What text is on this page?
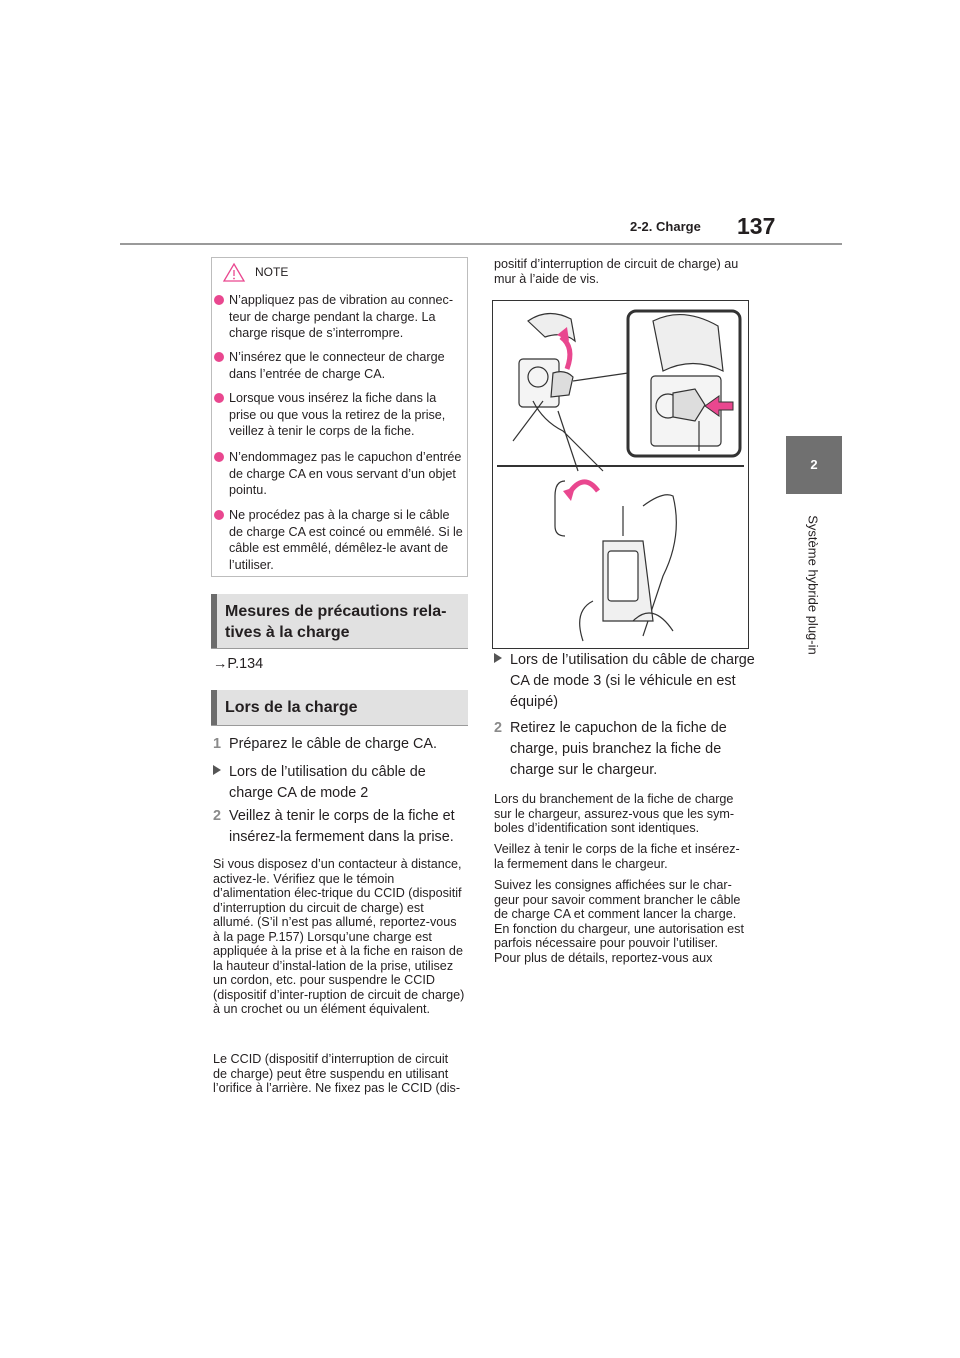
2-2. Charge 137
2
Système hybride plug-in
NOTE
N’appliquez pas de vibration au connec-teur de charge pendant la charge. La charge risque de s’interrompre.
N’insérez que le connecteur de charge dans l’entrée de charge CA.
Lorsque vous insérez la fiche dans la prise ou que vous la retirez de la prise, veillez à tenir le corps de la fiche.
N’endommagez pas le capuchon d’entrée de charge CA en vous servant d’un objet pointu.
Ne procédez pas à la charge si le câble de charge CA est coincé ou emmêlé. Si le câble est emmêlé, démêlez-le avant de l’utiliser.
Mesures de précautions rela-tives à la charge
→P.134
Lors de la charge
1 Préparez le câble de charge CA.
Lors de l’utilisation du câble de charge CA de mode 2
2 Veillez à tenir le corps de la fiche et insérez-la fermement dans la prise.
Si vous disposez d’un contacteur à distance, activez-le. Vérifiez que le témoin d’alimentation élec-trique du CCID (dispositif d’interruption du circuit de charge) est allumé. (S’il n’est pas allumé, reportez-vous à la page P.157) Lorsqu’une charge est appliquée à la prise et à la fiche en raison de la hauteur d’instal-lation de la prise, utilisez un cordon, etc. pour suspendre le CCID (dispositif d’inter-ruption de circuit de charge) à un crochet ou un élément équivalent.
Le CCID (dispositif d’interruption de circuit de charge) peut être suspendu en utilisant l’orifice à l’arrière. Ne fixez pas le CCID (dis-
positif d’interruption de circuit de charge) au mur à l’aide de vis.
Lors de l’utilisation du câble de charge CA de mode 3 (si le véhicule en est équipé)
2 Retirez le capuchon de la fiche de charge, puis branchez la fiche de charge sur le chargeur.
Lors du branchement de la fiche de charge sur le chargeur, assurez-vous que les sym-boles d’identification sont identiques.
Veillez à tenir le corps de la fiche et insérez-la fermement dans le chargeur.
Suivez les consignes affichées sur le char-geur pour savoir comment brancher le câble de charge CA et comment lancer la charge. En fonction du chargeur, une autorisation est parfois nécessaire pour pouvoir l’utiliser. Pour plus de détails, reportez-vous aux
